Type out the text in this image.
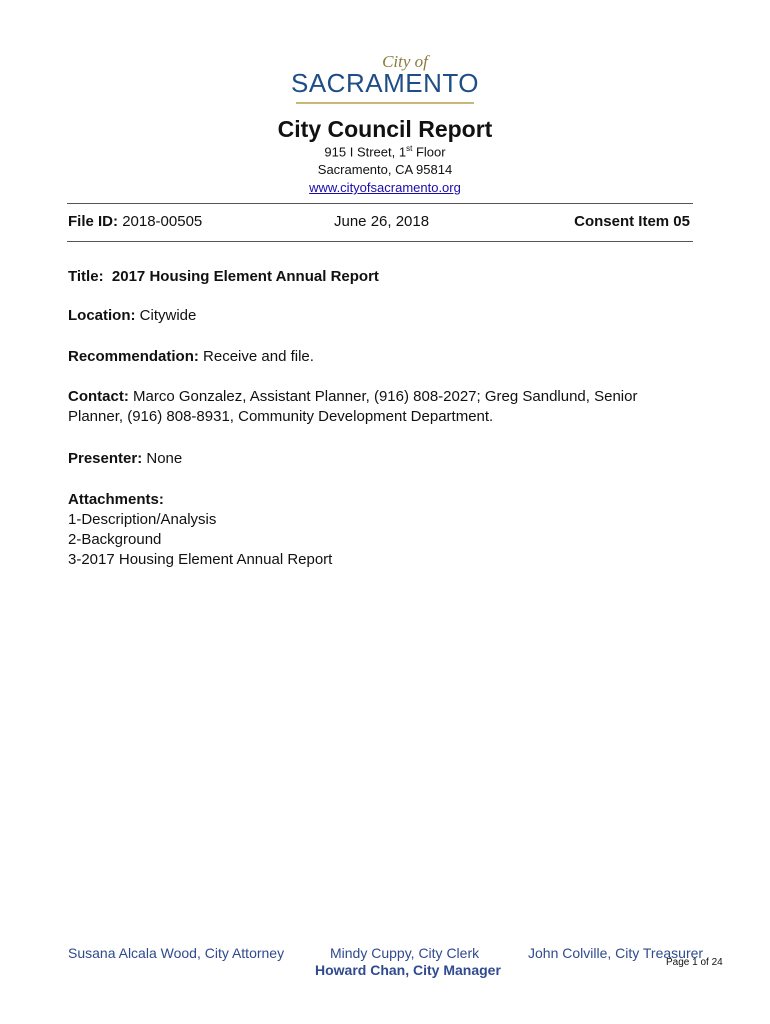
City of
SACRAMENTO
City Council Report
915 I Street, 1st Floor
Sacramento, CA 95814
www.cityofsacramento.org
File ID: 2018-00505	June 26, 2018	Consent Item 05
Title: 2017 Housing Element Annual Report
Location: Citywide
Recommendation: Receive and file.
Contact: Marco Gonzalez, Assistant Planner, (916) 808-2027; Greg Sandlund, Senior Planner, (916) 808-8931, Community Development Department.
Presenter: None
Attachments:
1-Description/Analysis
2-Background
3-2017 Housing Element Annual Report
Susana Alcala Wood, City Attorney	Mindy Cuppy, City Clerk	John Colville, City Treasurer
Howard Chan, City Manager	Page 1 of 24
